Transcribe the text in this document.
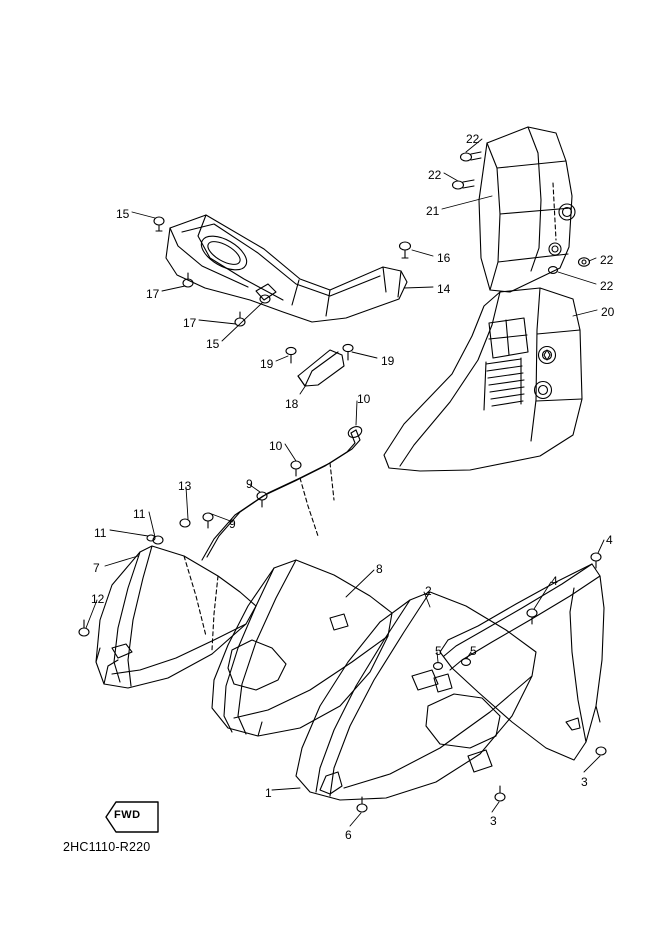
22
22
21
22
22
20
15
16
14
17
17
15
19	19
18	10
10
13	9
11
9
11	4
7
4
8
2
12
5 5
3
1
3
6
FWD
2HC1110-R220
